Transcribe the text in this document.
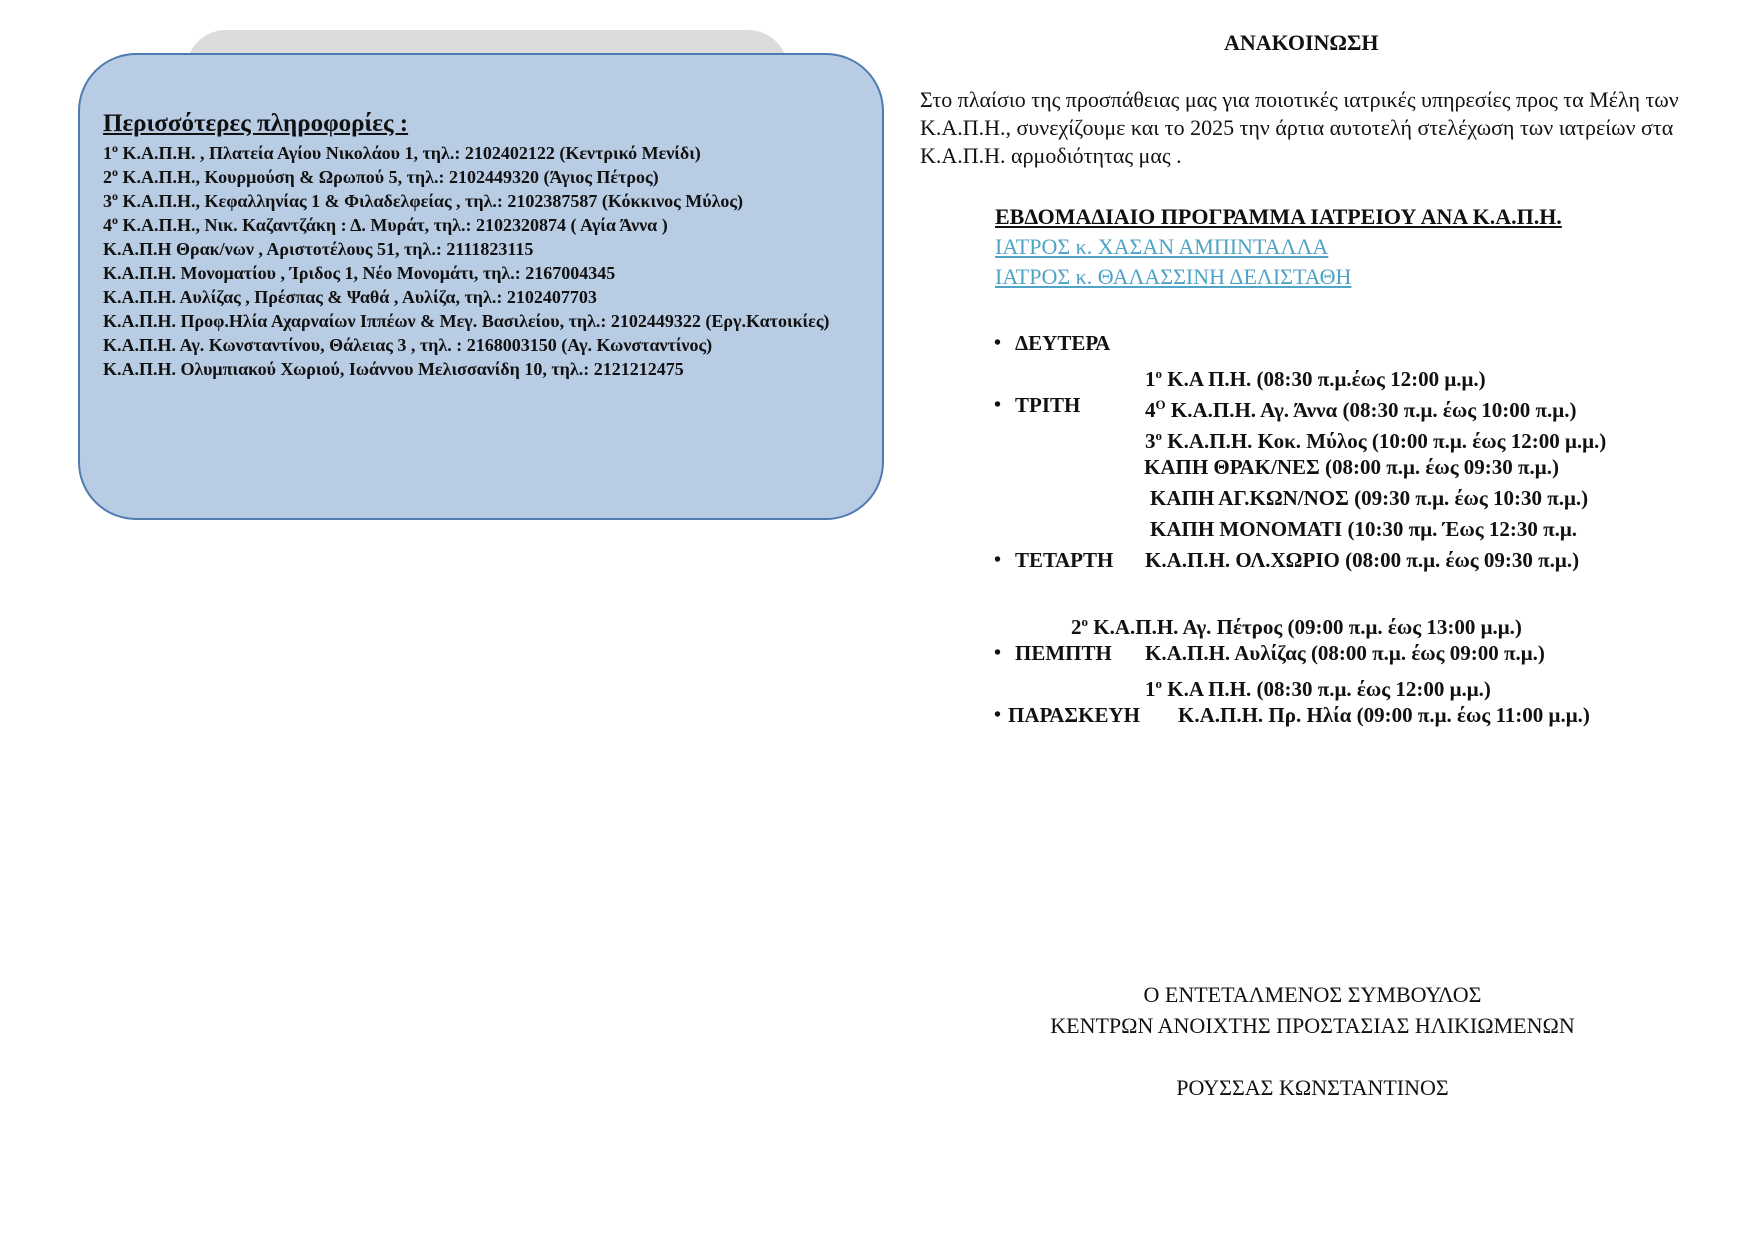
Περισσότερες πληροφορίες :
$1^o$ Κ.Α.Π.Η. , Πλατεία Αγίου Νικολάου 1, τηλ.: 2102402122 (Κεντρικό Μενίδι)
$2^o$ Κ.Α.Π.Η., Κουρμούση & Ωρωπού 5, τηλ.: 2102449320 (Άγιος Πέτρος)
$3^o$ Κ.Α.Π.Η., Κεφαλληνίας 1 & Φιλαδελφείας , τηλ.: 2102387587 (Κόκκινος Μύλος)
$4^o$ Κ.Α.Π.Η., Νικ. Καζαντζάκη : Δ. Μυράτ, τηλ.: 2102320874 ( Αγία Άννα )
Κ.Α.Π.Η Θρακ/νων , Αριστοτέλους 51, τηλ.: 2111823115
Κ.Α.Π.Η. Μονοματίου , Ίριδος 1, Νέο Μονομάτι, τηλ.: 2167004345
Κ.Α.Π.Η. Αυλίζας , Πρέσπας & Ψαθά , Αυλίζα, τηλ.: 2102407703
Κ.Α.Π.Η. Προφ.Ηλία Αχαρναίων Ιππέων & Μεγ. Βασιλείου, τηλ.: 2102449322 (Εργ.Κατοικίες)
Κ.Α.Π.Η. Αγ. Κωνσταντίνου, Θάλειας 3 , τηλ. : 2168003150 (Αγ. Κωνσταντίνος)
Κ.Α.Π.Η. Ολυμπιακού Χωριού, Ιωάννου Μελισσανίδη 10, τηλ.: 2121212475
ΑΝΑΚΟΙΝΩΣΗ
Στο πλαίσιο της προσπάθειας μας για ποιοτικές ιατρικές υπηρεσίες προς τα Μέλη των Κ.Α.Π.Η., συνεχίζουμε και το 2025 την άρτια αυτοτελή στελέχωση των ιατρείων στα Κ.Α.Π.Η. αρμοδιότητας μας .
ΕΒΔΟΜΑΔΙΑΙΟ ΠΡΟΓΡΑΜΜΑ ΙΑΤΡΕΙΟΥ ΑΝΑ Κ.Α.Π.Η.
ΙΑΤΡΟΣ κ. ΧΑΣΑΝ ΑΜΠΙΝΤΑΛΛΑ
ΙΑΤΡΟΣ κ. ΘΑΛΑΣΣΙΝΗ ΔΕΛΙΣΤΑΘΗ
• ΔΕΥΤΕΡΑ
$1^o$ Κ.Α Π.Η. (08:30 π.μ.έως 12:00 μ.μ.)
• ΤΡΙΤΗ	$4^O$ Κ.Α.Π.Η. Αγ. Άννα (08:30 π.μ. έως 10:00 π.μ.)
$3^o$ Κ.Α.Π.Η. Κοκ. Μύλος (10:00 π.μ. έως 12:00 μ.μ.)
ΚΑΠΗ ΘΡΑΚ/ΝΕΣ (08:00 π.μ. έως 09:30 π.μ.)
ΚΑΠΗ ΑΓ.ΚΩΝ/ΝΟΣ (09:30 π.μ. έως 10:30 π.μ.)
ΚΑΠΗ ΜΟΝΟΜΑΤΙ (10:30 πμ. Έως 12:30 π.μ.
• ΤΕΤΑΡΤΗ Κ.Α.Π.Η. ΟΛ.ΧΩΡΙΟ (08:00 π.μ. έως 09:30 π.μ.)
$2^o$ Κ.Α.Π.Η. Αγ. Πέτρος (09:00 π.μ. έως 13:00 μ.μ.)
• ΠΕΜΠΤΗ Κ.Α.Π.Η. Αυλίζας (08:00 π.μ. έως 09:00 π.μ.)
$1^o$ Κ.Α Π.Η. (08:30 π.μ. έως 12:00 μ.μ.)
• ΠΑΡΑΣΚΕΥΗ Κ.Α.Π.Η. Πρ. Ηλία (09:00 π.μ. έως 11:00 μ.μ.)
Ο ΕΝΤΕΤΑΛΜΕΝΟΣ ΣΥΜΒΟΥΛΟΣ
ΚΕΝΤΡΩΝ ΑΝΟΙΧΤΗΣ ΠΡΟΣΤΑΣΙΑΣ ΗΛΙΚΙΩΜΕΝΩΝ
ΡΟΥΣΣΑΣ ΚΩΝΣΤΑΝΤΙΝΟΣ
